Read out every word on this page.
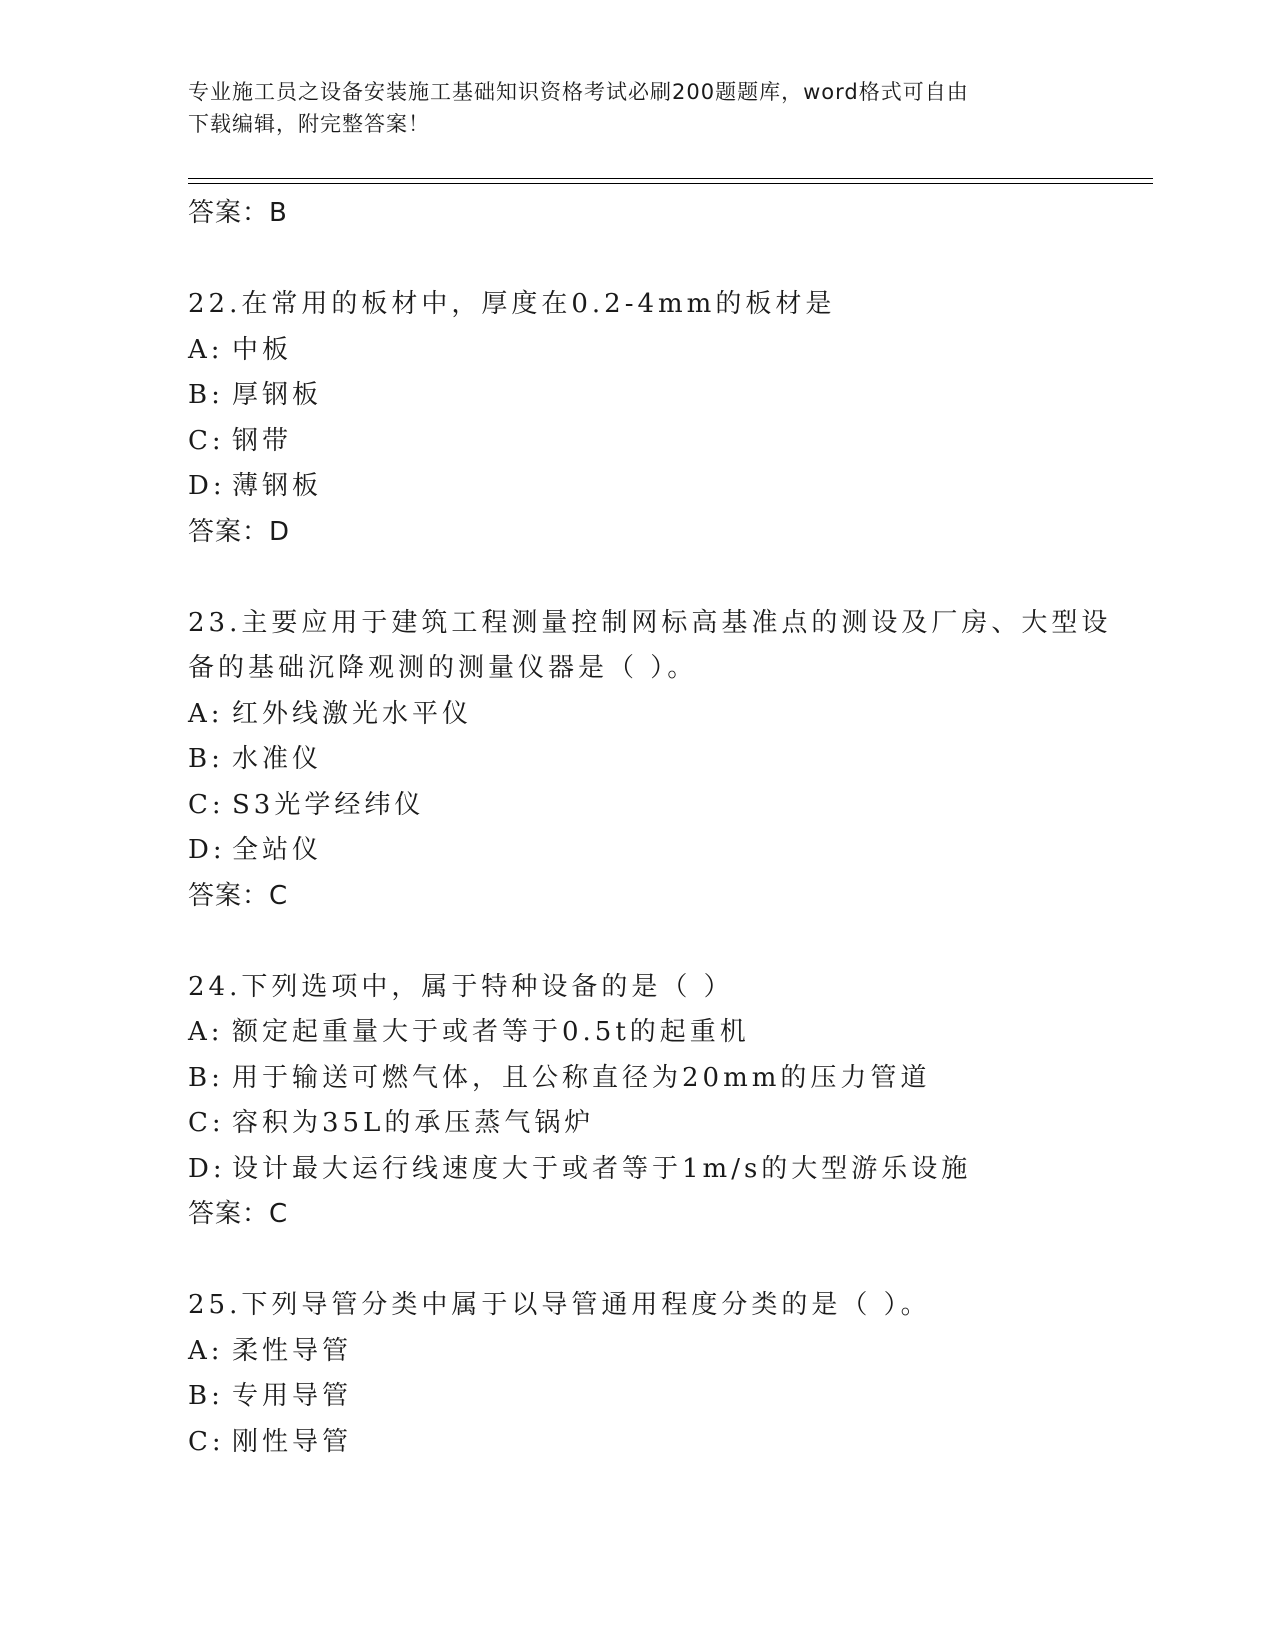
专业施工员之设备安装施工基础知识资格考试必刷200题题库，word格式可自由
下载编辑，附完整答案！
答案：B
22.在常用的板材中，厚度在0.2-4mm的板材是
A: 中板
B: 厚钢板
C: 钢带
D: 薄钢板
答案：D
23.主要应用于建筑工程测量控制网标高基准点的测设及厂房、大型设
备的基础沉降观测的测量仪器是（ ）。
A: 红外线激光水平仪
B: 水准仪
C: S3光学经纬仪
D: 全站仪
答案：C
24.下列选项中，属于特种设备的是（ ）
A: 额定起重量大于或者等于0.5t的起重机
B: 用于输送可燃气体，且公称直径为20mm的压力管道
C: 容积为35L的承压蒸气锅炉
D: 设计最大运行线速度大于或者等于1m/s的大型游乐设施
答案：C
25.下列导管分类中属于以导管通用程度分类的是（ ）。
A: 柔性导管
B: 专用导管
C: 刚性导管
